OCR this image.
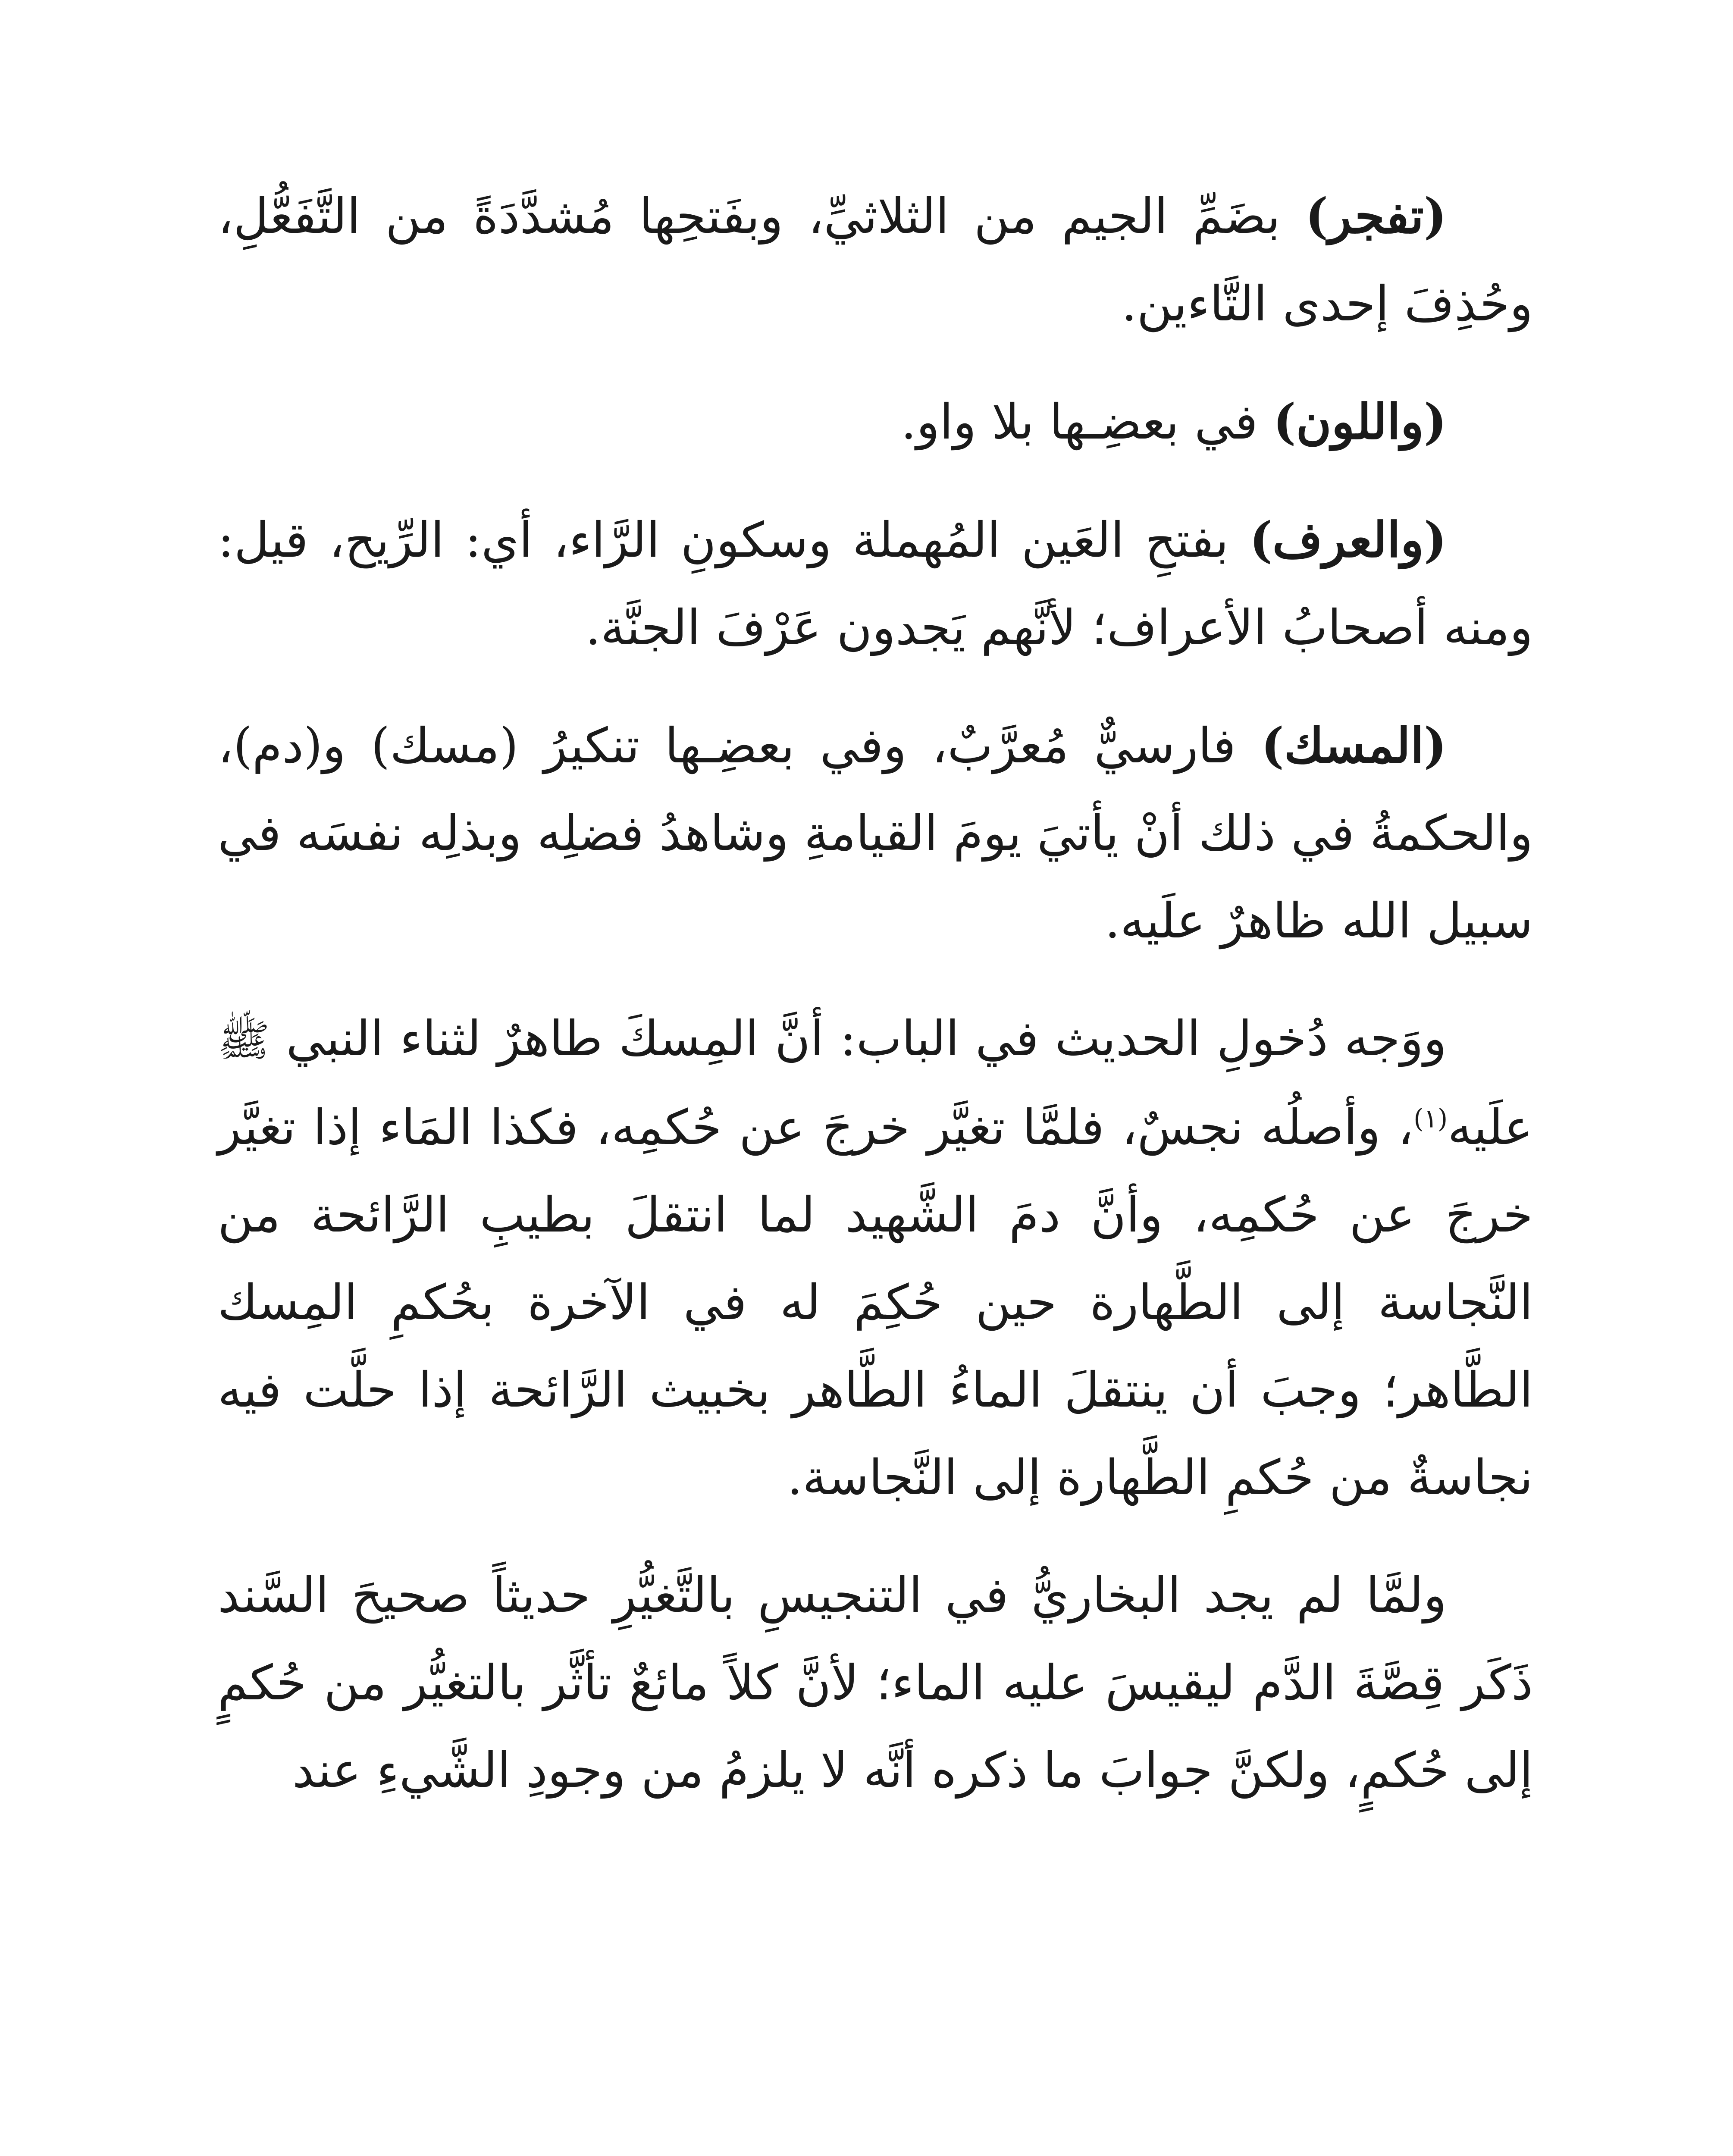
(تفجر) بضَمِّ الجيم من الثلاثيِّ، وبفَتحِها مُشدَّدَةً من التَّفَعُّلِ، وحُذِفَ إحدى التَّاءين.

(واللون) في بعضِـها بلا واو.

(والعرف) بفتحِ العَين المُهملة وسكونِ الرَّاء، أي: الرِّيح، قيل: ومنه أصحابُ الأعراف؛ لأنَّهم يَجدون عَرْفَ الجنَّة.

(المسك) فارسيٌّ مُعرَّبٌ، وفي بعضِـها تنكيرُ (مسك) و(دم)، والحكمةُ في ذلك أنْ يأتيَ يومَ القيامةِ وشاهدُ فضلِه وبذلِه نفسَه في سبيل الله ظاهرٌ علَيه.

ووَجه دُخولِ الحديث في الباب: أنَّ المِسكَ طاهرٌ لثناء النبي ﷺ علَيه$^{(١)}$، وأصلُه نجسٌ، فلمَّا تغيَّر خرجَ عن حُكمِه، فكذا المَاء إذا تغيَّر خرجَ عن حُكمِه، وأنَّ دمَ الشَّهيد لما انتقلَ بطيبِ الرَّائحة من النَّجاسة إلى الطَّهارة حين حُكِمَ له في الآخرة بحُكمِ المِسك الطَّاهر؛ وجبَ أن ينتقلَ الماءُ الطَّاهر بخبيث الرَّائحة إذا حلَّت فيه نجاسةٌ من حُكمِ الطَّهارة إلى النَّجاسة.

ولمَّا لم يجد البخاريُّ في التنجيسِ بالتَّغيُّرِ حديثاً صحيحَ السَّند ذَكَر قِصَّةَ الدَّم ليقيسَ عليه الماء؛ لأنَّ كلاً مائعٌ تأثَّر بالتغيُّر من حُكمٍ إلى حُكمٍ، ولكنَّ جوابَ ما ذكره أنَّه لا يلزمُ من وجودِ الشَّيءِ عند
